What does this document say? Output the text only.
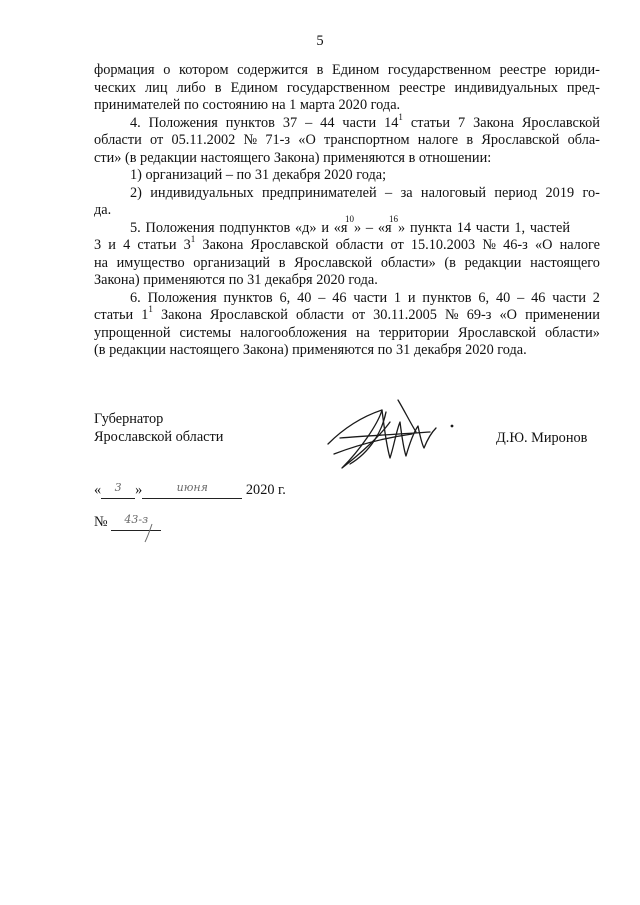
5
формация о котором содержится в Едином государственном реестре юриди-
ческих лиц либо в Едином государственном реестре индивидуальных пред-
принимателей по состоянию на 1 марта 2020 года.
4. Положения пунктов 37 – 44 части $14^1$ статьи 7 Закона Ярославской
области от 05.11.2002 № 71-з «О транспортном налоге в Ярославской обла-
сти» (в редакции настоящего Закона) применяются в отношении:
1) организаций – по 31 декабря 2020 года;
2) индивидуальных предпринимателей – за налоговый период 2019 го-
да.
5. Положения подпунктов «д» и «я
$^{10}$
» – «я
$^{16}$
» пункта 14 части 1, частей
3 и 4 статьи $3^1$ Закона Ярославской области от 15.10.2003 № 46-з «О налоге
на имущество организаций в Ярославской области» (в редакции настоящего
Закона) применяются по 31 декабря 2020 года.
6. Положения пунктов 6, 40 – 46 части 1 и пунктов 6, 40 – 46 части 2
статьи $1^1$ Закона Ярославской области от 30.11.2005 № 69-з «О применении
упрощенной системы налогообложения на территории Ярославской области»
(в редакции настоящего Закона) применяются по 31 декабря 2020 года.
Губернатор
Ярославской области	Д.Ю. Миронов
« $^3$ »	$^{июня}$	2020 г.
№ $^{43-з}$
